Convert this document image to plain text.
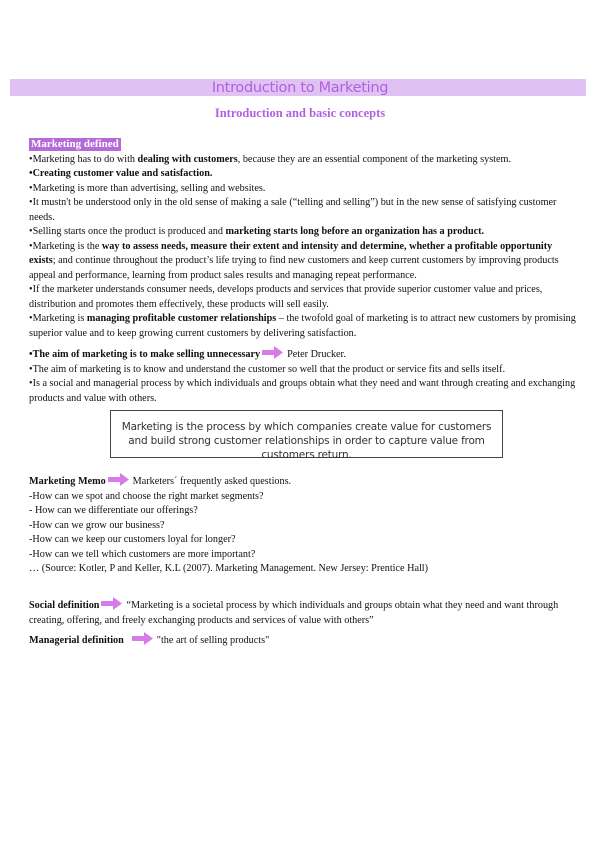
Introduction to Marketing
Introduction and basic concepts
Marketing defined

•Marketing has to do with dealing with customers, because they are an essential component of the marketing system.

•Creating customer value and satisfaction.

•Marketing is more than advertising, selling and websites.

•It mustn't be understood only in the old sense of making a sale (“telling and selling”) but in the new sense of satisfying customer needs.

•Selling starts once the product is produced and marketing starts long before an organization has a product.

•Marketing is the way to assess needs, measure their extent and intensity and determine, whether a profitable opportunity exists; and continue throughout the product’s life trying to find new customers and keep current customers by improving products appeal and performance, learning from product sales results and managing repeat performance.

•If the marketer understands consumer needs, develops products and services that provide superior customer value and prices, distribution and promotes them effectively, these products will sell easily.

•Marketing is managing profitable customer relationships – the twofold goal of marketing is to attract new customers by promising superior value and to keep growing current customers by delivering satisfaction.

•The aim of marketing is to make selling unnecessary	Peter Drucker.

•The aim of marketing is to know and understand the customer so well that the product or service fits and sells itself.

•Is a social and managerial process by which individuals and groups obtain what they need and want through creating and exchanging products and value with others.

Marketing is the process by which companies create value for customers and build strong customer relationships in order to capture value from customers return.

Marketing Memo	Marketers´ frequently asked questions.

-How can we spot and choose the right market segments?

- How can we differentiate our offerings?

-How can we grow our business?

-How can we keep our customers loyal for longer?

-How can we tell which customers are more important?

… (Source: Kotler, P and Keller, K.L (2007). Marketing Management. New Jersey: Prentice Hall)

Social definition	“Marketing is a societal process by which individuals and groups obtain what they need and want through creating, offering, and freely exchanging products and services of value with others”

Managerial definition	"the art of selling products"
